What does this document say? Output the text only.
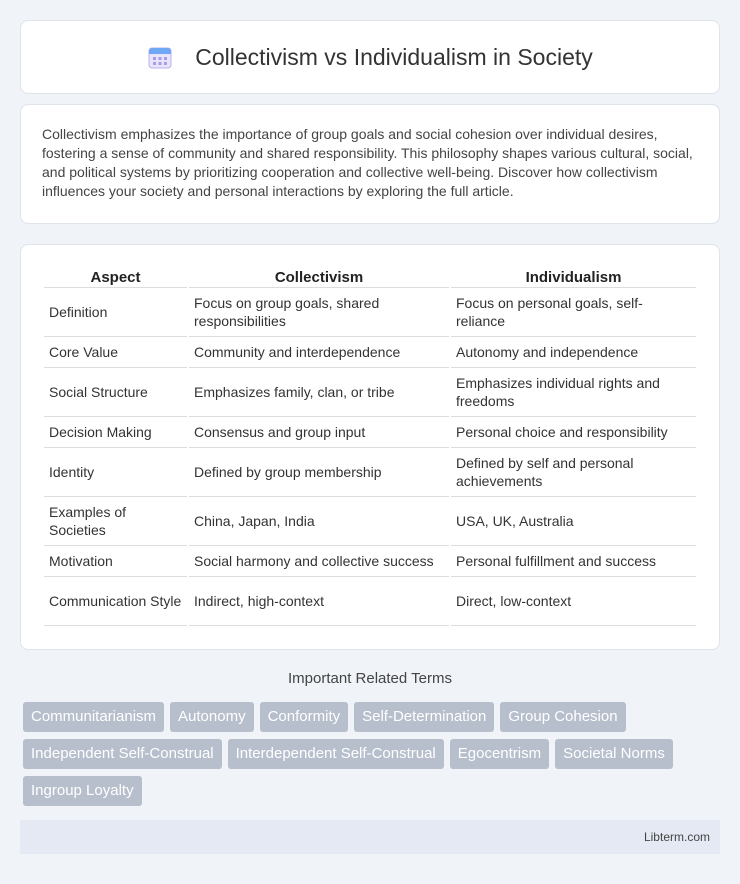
Collectivism vs Individualism in Society

Collectivism emphasizes the importance of group goals and social cohesion over individual desires, fostering a sense of community and shared responsibility. This philosophy shapes various cultural, social, and political systems by prioritizing cooperation and collective well-being. Discover how collectivism influences your society and personal interactions by exploring the full article.

Aspect	Collectivism	Individualism
Definition	Focus on group goals, shared responsibilities	Focus on personal goals, self-reliance
Core Value	Community and interdependence	Autonomy and independence
Social Structure	Emphasizes family, clan, or tribe	Emphasizes individual rights and freedoms
Decision Making	Consensus and group input	Personal choice and responsibility
Identity	Defined by group membership	Defined by self and personal achievements
Examples of Societies	China, Japan, India	USA, UK, Australia
Motivation	Social harmony and collective success	Personal fulfillment and success
Communication Style	Indirect, high-context	Direct, low-context
Important Related Terms
Communitarianism	Autonomy	Conformity	Self-Determination	Group Cohesion
Independent Self-Construal	Interdependent Self-Construal	Egocentrism	Societal Norms
Ingroup Loyalty
Libterm.com
